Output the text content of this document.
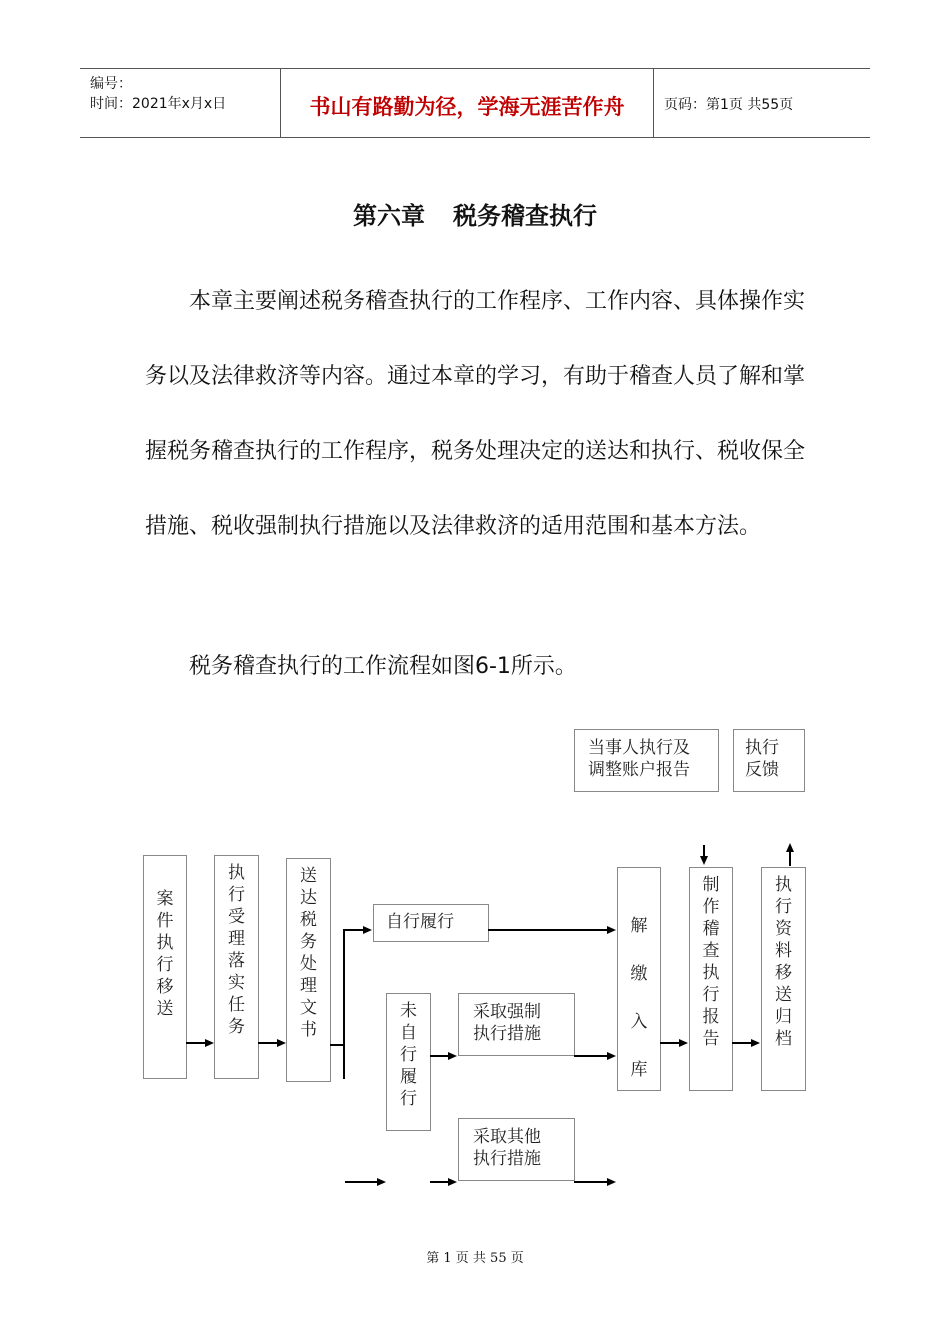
编号：
时间：2021年x月x日	书山有路勤为径，学海无涯苦作舟	页码：第1页 共55页
第六章 税务稽查执行
本章主要阐述税务稽查执行的工作程序、工作内容、具体操作实务以及法律救济等内容。通过本章的学习，有助于稽查人员了解和掌握税务稽查执行的工作程序，税务处理决定的送达和执行、税收保全措施、税收强制执行措施以及法律救济的适用范围和基本方法。
税务稽查执行的工作流程如图6-1所示。
当事人执行及
调整账户报告
执行
反馈
案
件
执
行
移
送
执
行
受
理
落
实
任
务
送
达
税
务
处
理
文
书
自行履行
未
自
行
履
行
采取强制
执行措施
采取其他
执行措施
解
缴
入
库
制
作
稽
查
执
行
报
告
执
行
资
料
移
送
归
档
第 1 页 共 55 页
